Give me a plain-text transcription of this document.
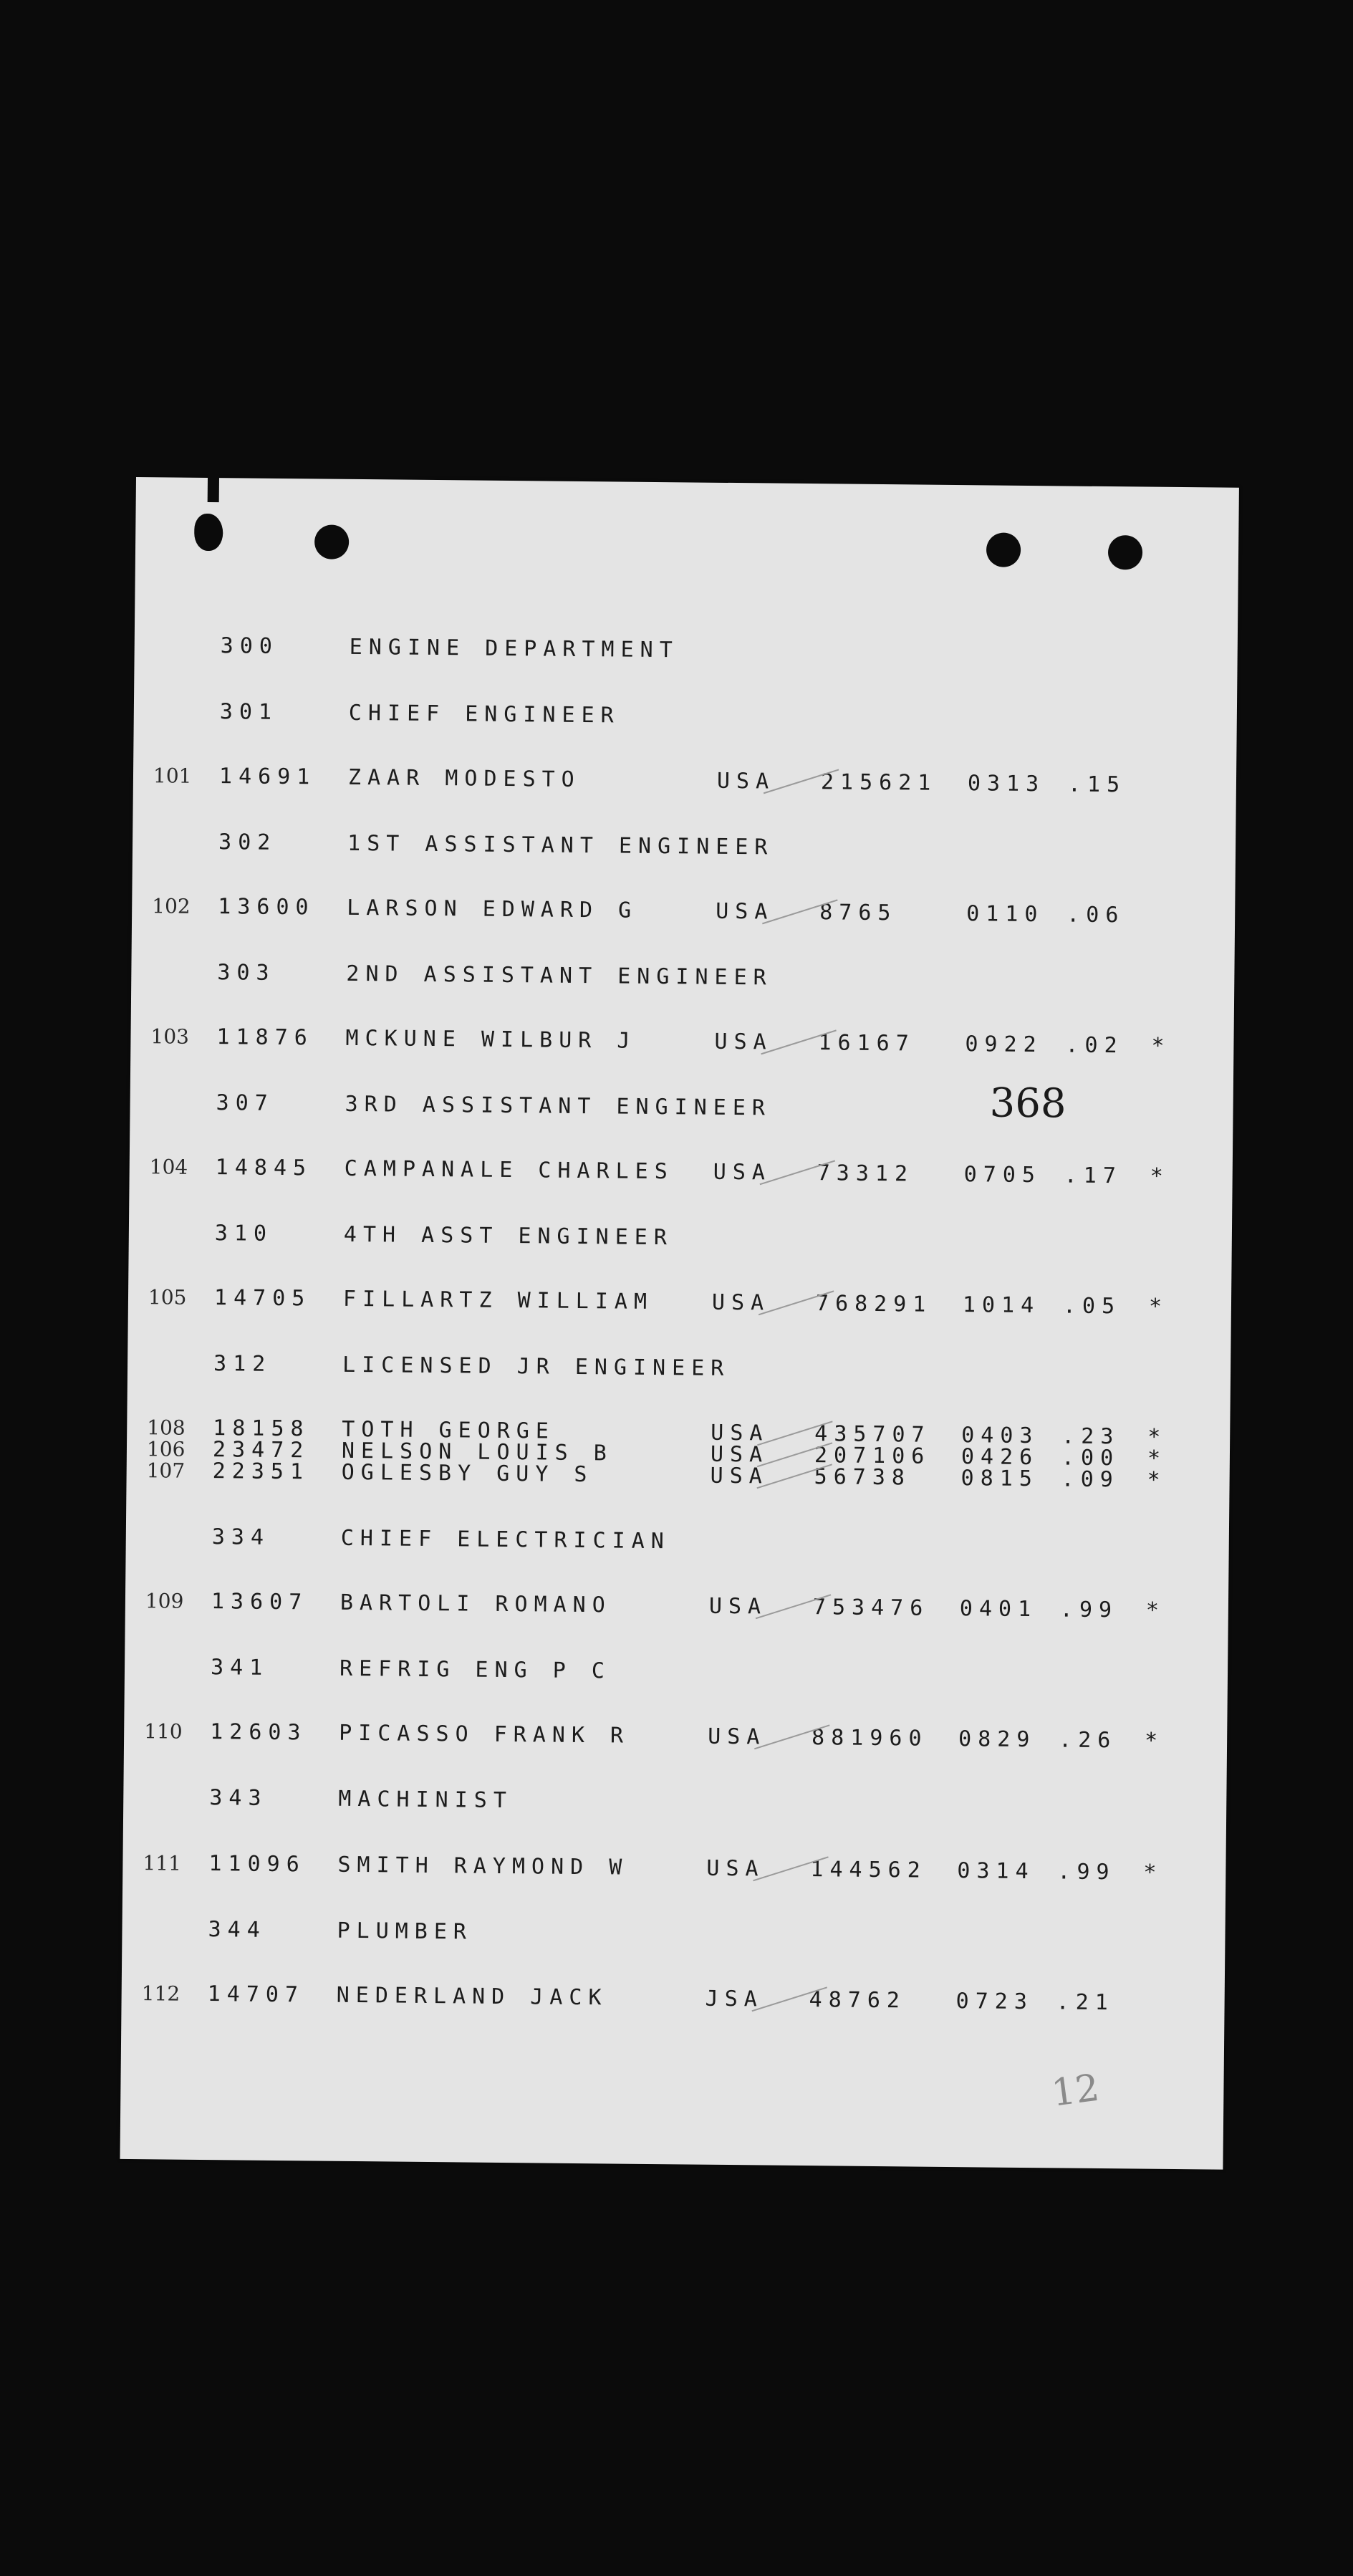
300	ENGINE DEPARTMENT
301	CHIEF ENGINEER
101 14691 ZAAR MODESTO	USA 215621 0313 .15
302	1ST ASSISTANT ENGINEER
102 13600 LARSON EDWARD G	USA 8765	0110 .06
303	2ND ASSISTANT ENGINEER
103 11876 MCKUNE WILBUR J	USA 16167 0922 .02 *
307	3RD ASSISTANT ENGINEER
104 14845 CAMPANALE CHARLES USA 73312 0705 .17 *
310	4TH ASST ENGINEER
105 14705 FILLARTZ WILLIAM	USA 768291 1014 .05 *
312	LICENSED JR ENGINEER
108 18158 TOTH GEORGE	USA 435707 0403 .23 *
106 23472 NELSON LOUIS B	USA 207106 0426 .00 *
107 22351 OGLESBY GUY S	USA 56738 0815 .09 *
334	CHIEF ELECTRICIAN
109 13607 BARTOLI ROMANO	USA 753476 0401 .99 *
341	REFRIG ENG P C
110 12603 PICASSO FRANK R	USA 881960 0829 .26 *
343	MACHINIST
111 11096 SMITH RAYMOND W	USA 144562 0314 .99 *
344	PLUMBER
112 14707 NEDERLAND JACK	JSA 48762 0723 .21
368
12
